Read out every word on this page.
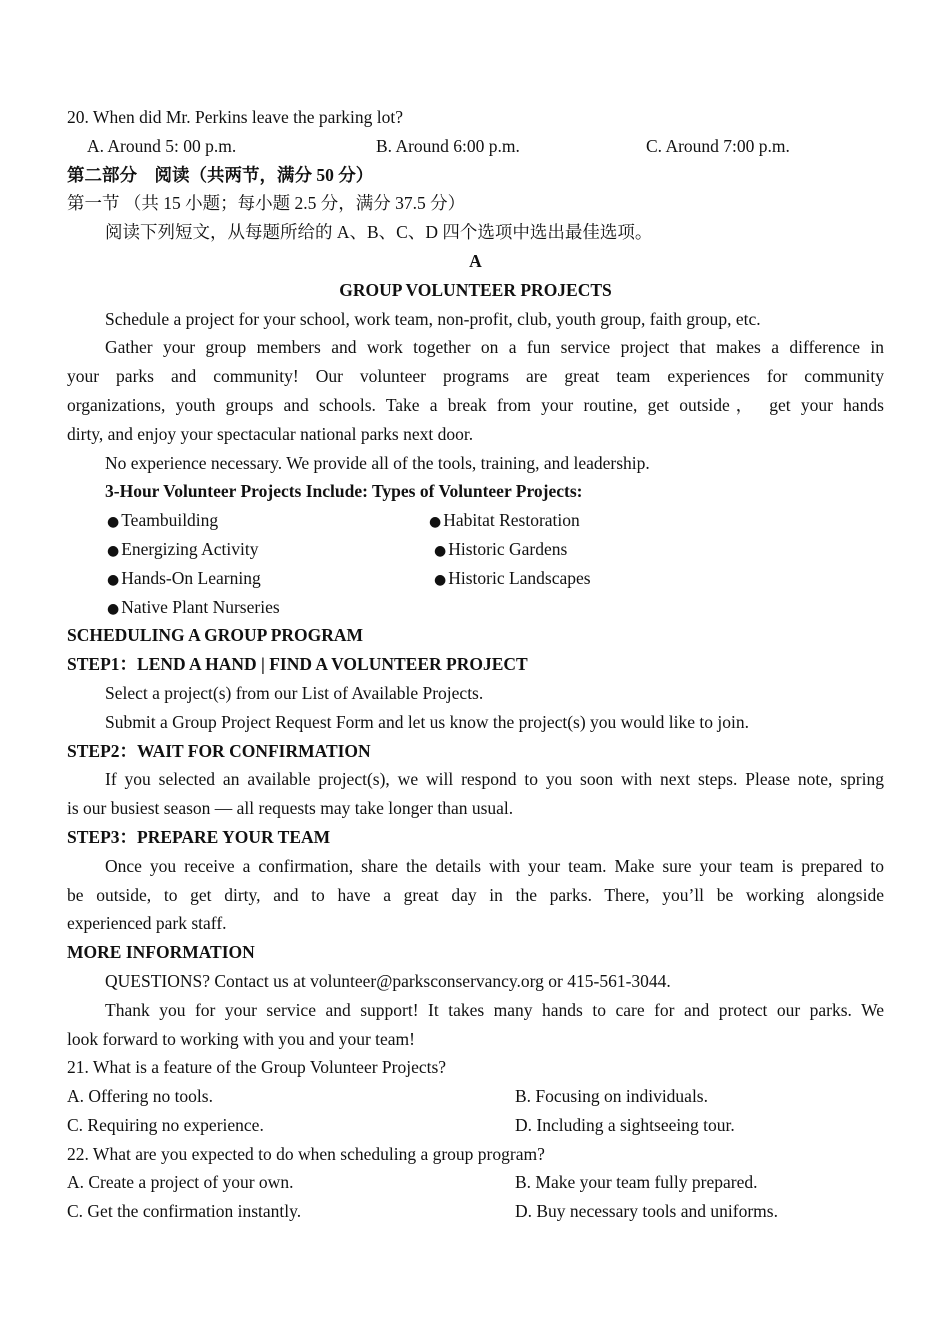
20. When did Mr. Perkins leave the parking lot?
A. Around 5: 00 p.m.	B. Around 6:00 p.m.	C. Around 7:00 p.m.
第二部分　阅读（共两节，满分 50 分）
第一节 （共 15 小题；每小题 2.5 分，满分 37.5 分）
阅读下列短文，从每题所给的 A、B、C、D 四个选项中选出最佳选项。
A
GROUP VOLUNTEER PROJECTS
Schedule a project for your school, work team, non-profit, club, youth group, faith group, etc.
Gather your group members and work together on a fun service project that makes a difference in
your parks and community! Our volunteer programs are great team experiences for community
organizations, youth groups and schools. Take a break from your routine, get outside， get your hands
dirty, and enjoy your spectacular national parks next door.
No experience necessary. We provide all of the tools, training, and leadership.
3-Hour Volunteer Projects Include: Types of Volunteer Projects:
● Teambuilding	● Habitat Restoration
● Energizing Activity	● Historic Gardens
● Hands-On Learning	● Historic Landscapes
● Native Plant Nurseries
SCHEDULING A GROUP PROGRAM
STEP1：LEND A HAND | FIND A VOLUNTEER PROJECT
Select a project(s) from our List of Available Projects.
Submit a Group Project Request Form and let us know the project(s) you would like to join.
STEP2：WAIT FOR CONFIRMATION
If you selected an available project(s), we will respond to you soon with next steps. Please note, spring
is our busiest season — all requests may take longer than usual.
STEP3：PREPARE YOUR TEAM
Once you receive a confirmation, share the details with your team. Make sure your team is prepared to
be outside, to get dirty, and to have a great day in the parks. There, you’ll be working alongside
experienced park staff.
MORE INFORMATION
QUESTIONS? Contact us at volunteer@parksconservancy.org or 415-561-3044.
Thank you for your service and support! It takes many hands to care for and protect our parks. We
look forward to working with you and your team!
21. What is a feature of the Group Volunteer Projects?
A. Offering no tools.	B. Focusing on individuals.
C. Requiring no experience.	D. Including a sightseeing tour.
22. What are you expected to do when scheduling a group program?
A. Create a project of your own.	B. Make your team fully prepared.
C. Get the confirmation instantly.	D. Buy necessary tools and uniforms.
